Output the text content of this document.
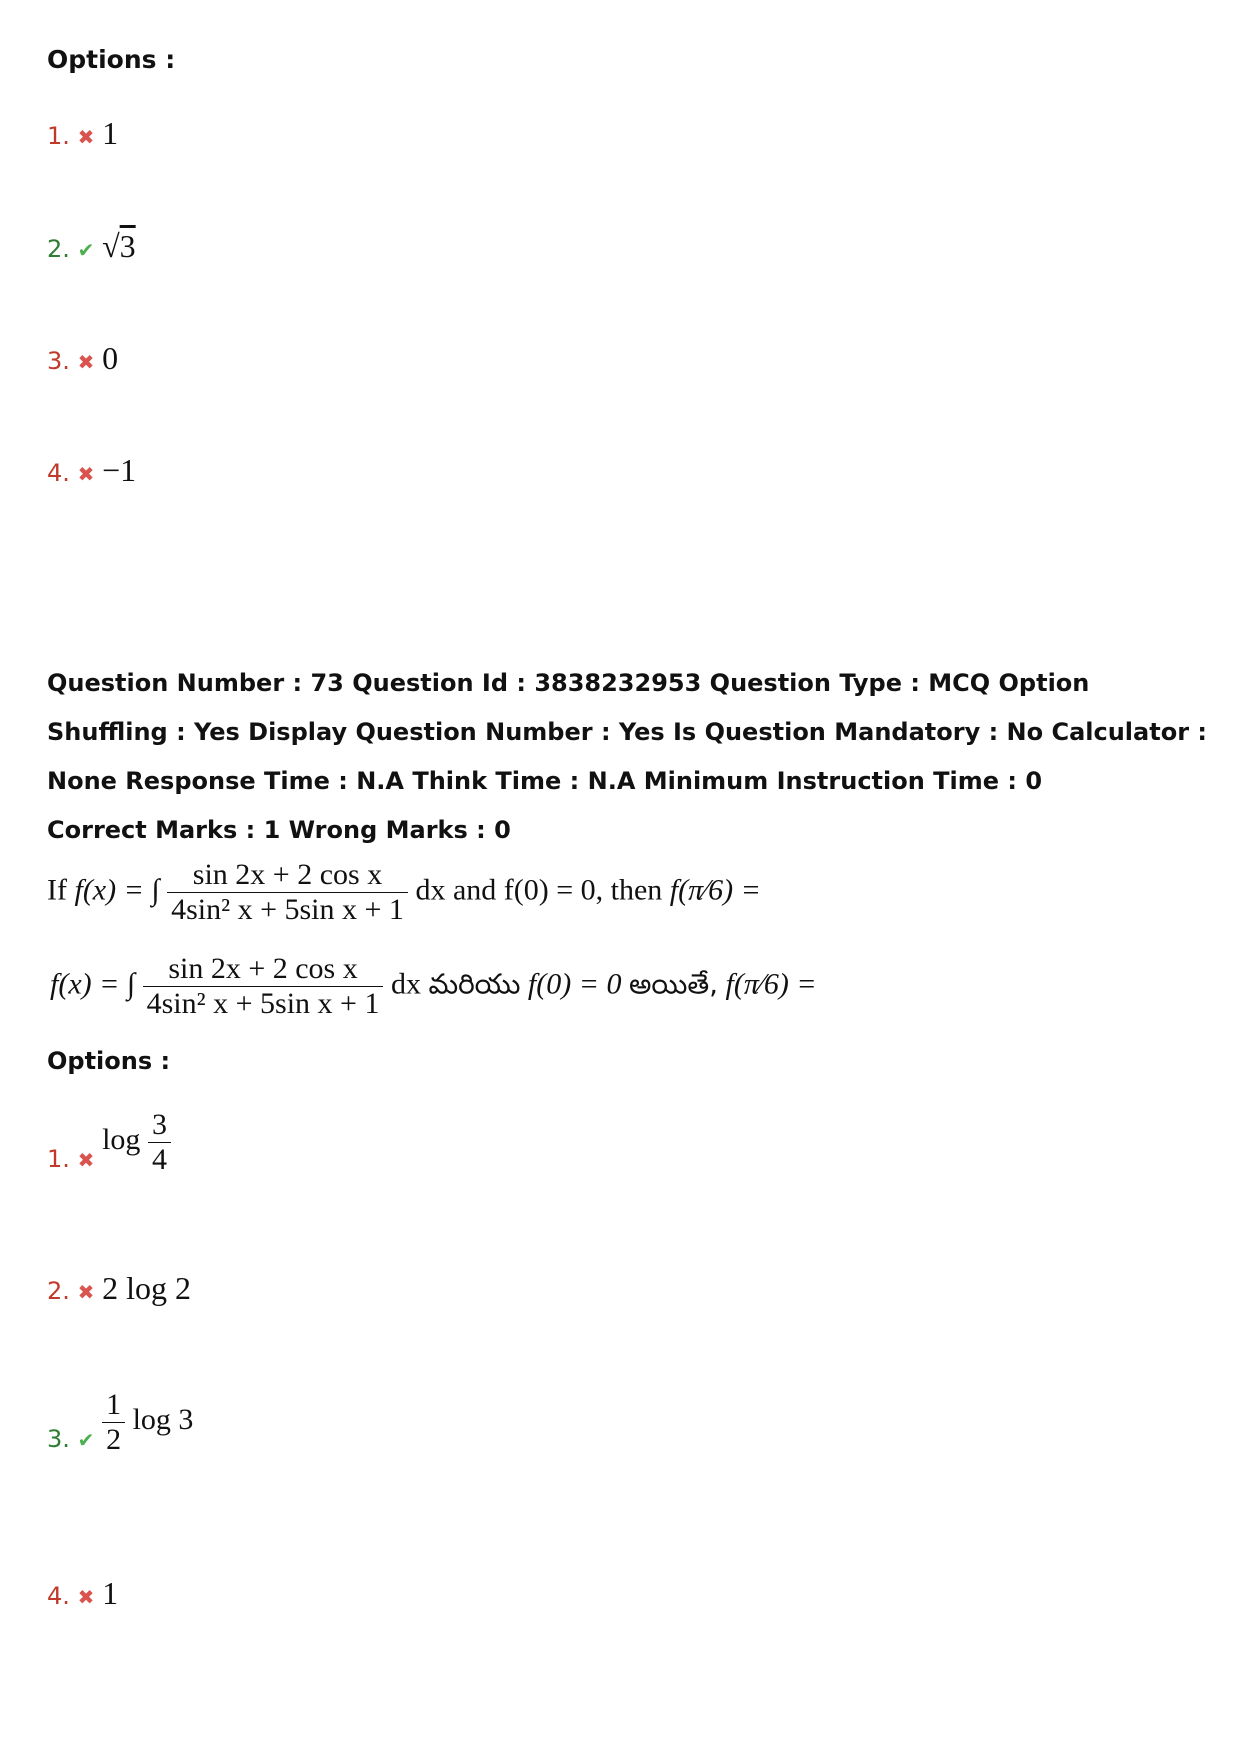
Options :
1. ✖ 1
2. ✔ √3
3. ✖ 0
4. ✖ −1
Question Number : 73 Question Id : 3838232953 Question Type : MCQ Option Shuffling : Yes Display Question Number : Yes Is Question Mandatory : No Calculator : None Response Time : N.A Think Time : N.A Minimum Instruction Time : 0
Correct Marks : 1 Wrong Marks : 0
If f(x) = ∫ $\frac{\text{sin 2x + 2 cos x}}{\text{4sin² x + 5sin x + 1}}$ dx and f(0) = 0, then f(π⁄6) =
f(x) = ∫ $\frac{\text{sin 2x + 2 cos x}}{\text{4sin² x + 5sin x + 1}}$ dx మరియు f(0) = 0 అయితే, f(π⁄6) =
Options :
1. ✖ $\log \frac{3}{4}$
2. ✖ 2 log 2
3. ✔ $\frac{1}{2}$ log 3
4. ✖ 1
